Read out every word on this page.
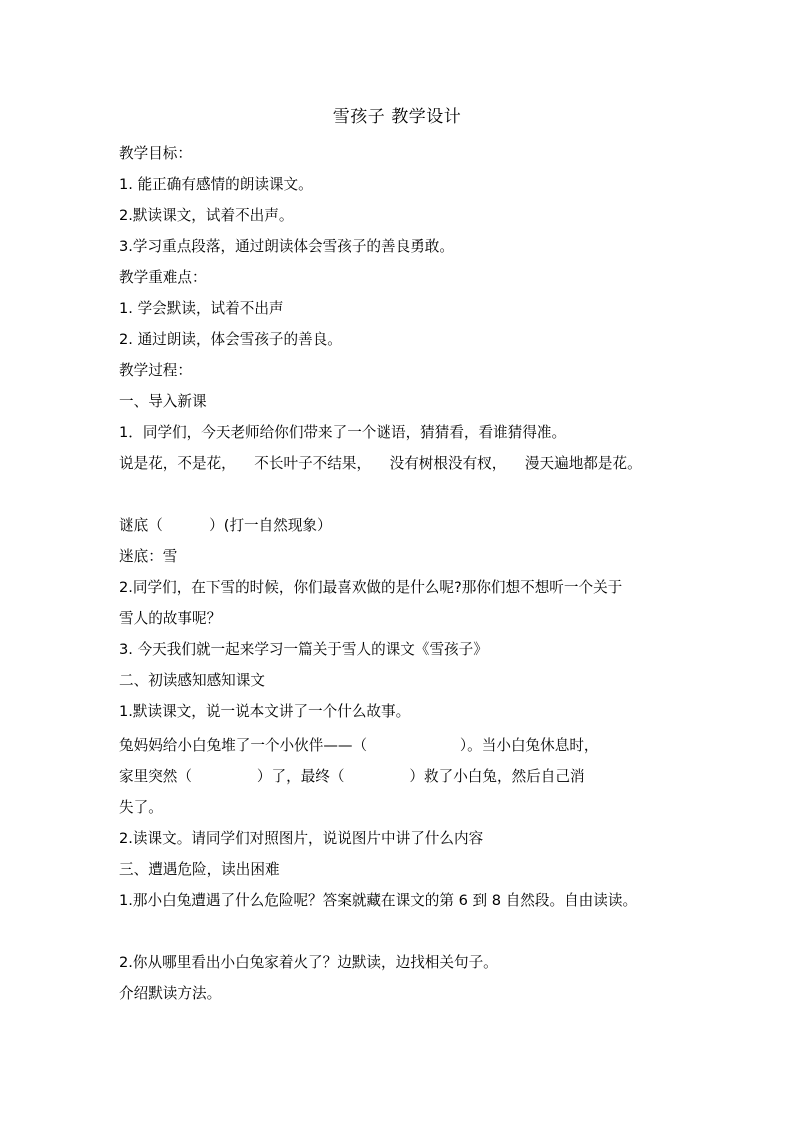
雪孩子 教学设计
教学目标：
1. 能正确有感情的朗读课文。
2.默读课文，试着不出声。
3.学习重点段落，通过朗读体会雪孩子的善良勇敢。
教学重难点：
1. 学会默读，试着不出声
2. 通过朗读，体会雪孩子的善良。
教学过程：
一、导入新课
1．同学们，今天老师给你们带来了一个谜语，猜猜看，看谁猜得准。
说是花，不是花，    不长叶子不结果，    没有树根没有杈，    漫天遍地都是花。
谜底（          ）(打一自然现象）
迷底：雪
2.同学们，在下雪的时候，你们最喜欢做的是什么呢?那你们想不想听一个关于
雪人的故事呢？
3. 今天我们就一起来学习一篇关于雪人的课文《雪孩子》
二、初读感知感知课文
1.默读课文，说一说本文讲了一个什么故事。
兔妈妈给小白兔堆了一个小伙伴——（                    ）。当小白兔休息时，
家里突然（              ）了，最终（              ）救了小白兔，然后自己消
失了。
2.读课文。请同学们对照图片，说说图片中讲了什么内容
三、遭遇危险，读出困难
1.那小白兔遭遇了什么危险呢？答案就藏在课文的第 6 到 8 自然段。自由读读。
2.你从哪里看出小白兔家着火了？边默读，边找相关句子。
介绍默读方法。
